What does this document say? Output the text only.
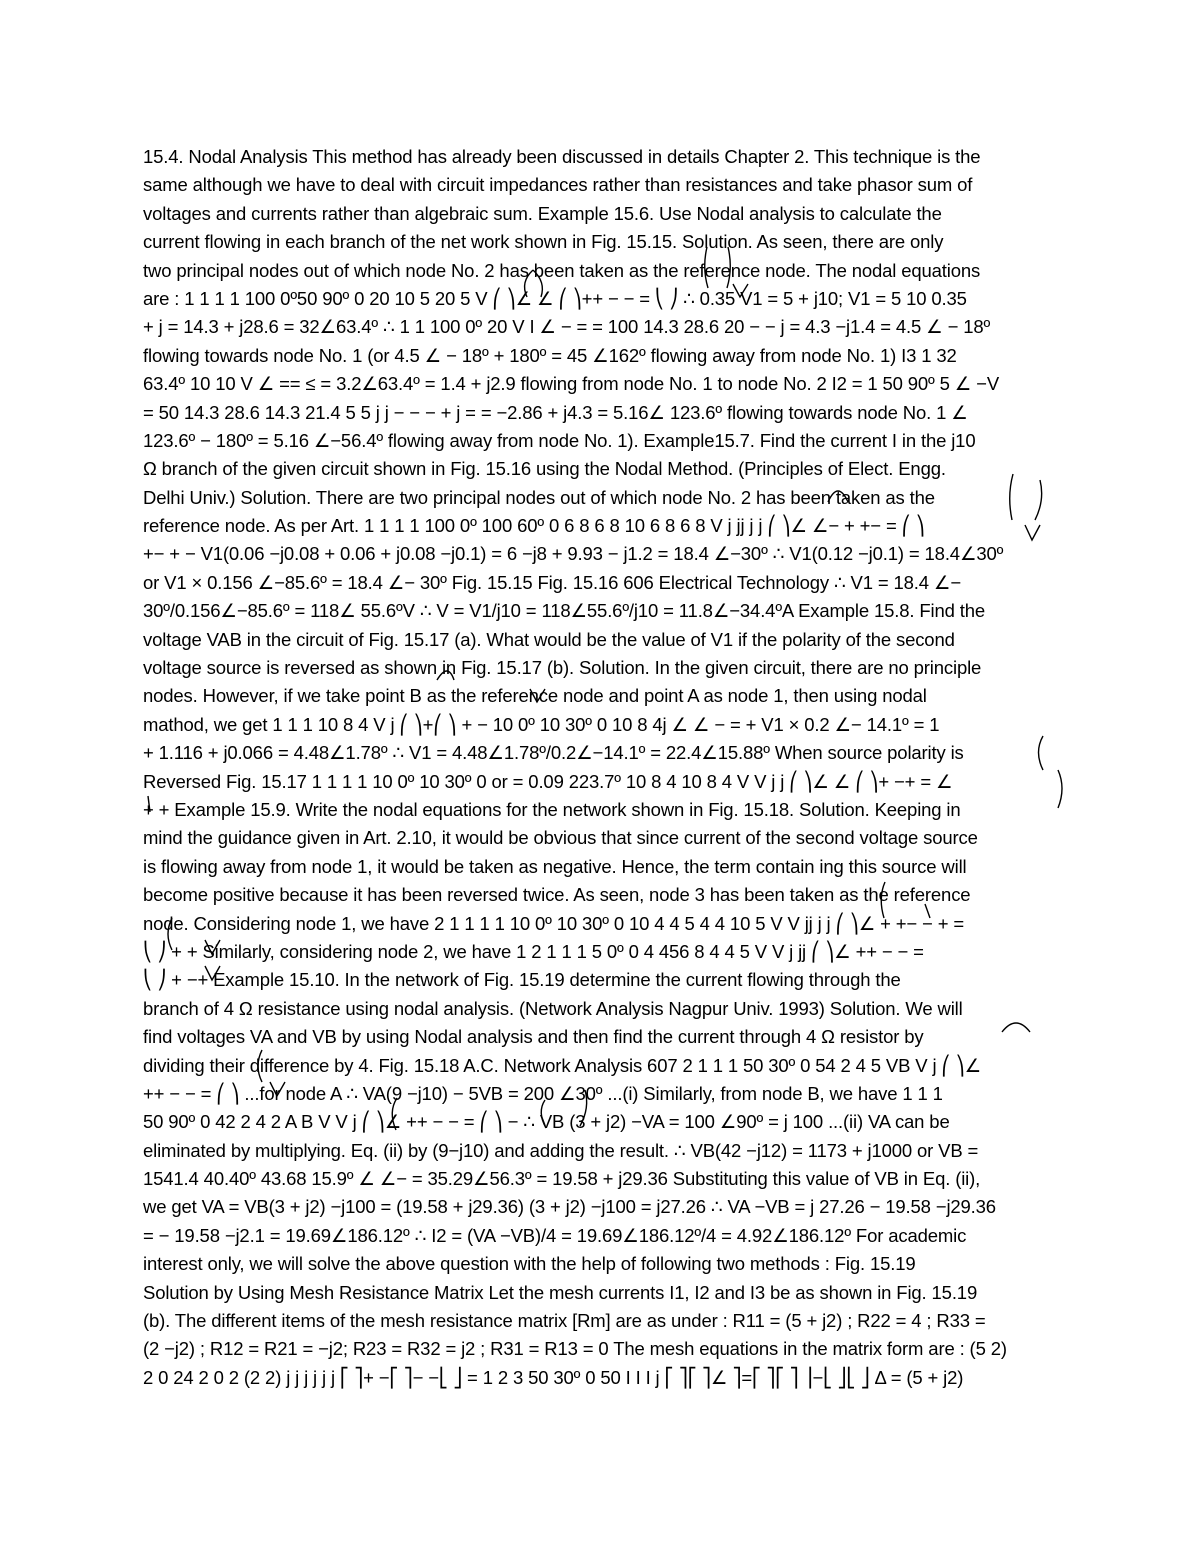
15.4. Nodal Analysis This method has already been discussed in details Chapter 2. This technique is the
same although we have to deal with circuit impedances rather than resistances and take phasor sum of
voltages and currents rather than algebraic sum. Example 15.6. Use Nodal analysis to calculate the
current flowing in each branch of the net work shown in Fig. 15.15. Solution. As seen, there are only
two principal nodes out of which node No. 2 has been taken as the reference node. The nodal equations
are : 1 1 1 1 100 0º50 90º 0 20 10 5 20 5 V ⎛ ⎞∠ ∠ ⎛ ⎞++ − − = ⎝ ⎠ ∴ 0.35 V1 = 5 + j10; V1 = 5 10 0.35
+ j = 14.3 + j28.6 = 32∠63.4º ∴ 1 1 100 0º 20 V I ∠ − = = 100 14.3 28.6 20 − − j = 4.3 −j1.4 = 4.5 ∠ − 18º
flowing towards node No. 1 (or 4.5 ∠ − 18º + 180º = 45 ∠162º flowing away from node No. 1) I3 1 32
63.4º 10 10 V ∠ == ≤ = 3.2∠63.4º = 1.4 + j2.9 flowing from node No. 1 to node No. 2 I2 = 1 50 90º 5 ∠ −V
= 50 14.3 28.6 14.3 21.4 5 5 j j − − − + j = = −2.86 + j4.3 = 5.16∠ 123.6º flowing towards node No. 1 ∠
123.6º − 180º = 5.16 ∠−56.4º flowing away from node No. 1). Example15.7. Find the current I in the j10
Ω branch of the given circuit shown in Fig. 15.16 using the Nodal Method. (Principles of Elect. Engg.
Delhi Univ.) Solution. There are two principal nodes out of which node No. 2 has been taken as the
reference node. As per Art. 1 1 1 1 100 0º 100 60º 0 6 8 6 8 10 6 8 6 8 V j jj j j ⎛ ⎞∠ ∠− + +− = ⎛ ⎞
+− + − V1(0.06 −j0.08 + 0.06 + j0.08 −j0.1) = 6 −j8 + 9.93 − j1.2 = 18.4 ∠−30º ∴ V1(0.12 −j0.1) = 18.4∠30º
or V1 × 0.156 ∠−85.6º = 18.4 ∠− 30º Fig. 15.15 Fig. 15.16 606 Electrical Technology ∴ V1 = 18.4 ∠−
30º/0.156∠−85.6º = 118∠ 55.6ºV ∴ V = V1/j10 = 118∠55.6º/j10 = 11.8∠−34.4ºA Example 15.8. Find the
voltage VAB in the circuit of Fig. 15.17 (a). What would be the value of V1 if the polarity of the second
voltage source is reversed as shown in Fig. 15.17 (b). Solution. In the given circuit, there are no principle
nodes. However, if we take point B as the reference node and point A as node 1, then using nodal
mathod, we get 1 1 1 10 8 4 V j ⎛ ⎞+⎛ ⎞ + − 10 0º 10 30º 0 10 8 4j ∠ ∠ − = + V1 × 0.2 ∠− 14.1º = 1
+ 1.116 + j0.066 = 4.48∠1.78º ∴ V1 = 4.48∠1.78º/0.2∠−14.1º = 22.4∠15.88º When source polarity is
Reversed Fig. 15.17 1 1 1 1 10 0º 10 30º 0 or = 0.09 223.7º 10 8 4 10 8 4 V V j j ⎛ ⎞∠ ∠ ⎛ ⎞+ −+ = ∠
+ + Example 15.9. Write the nodal equations for the network shown in Fig. 15.18. Solution. Keeping in
mind the guidance given in Art. 2.10, it would be obvious that since current of the second voltage source
is flowing away from node 1, it would be taken as negative. Hence, the term contain ing this source will
become positive because it has been reversed twice. As seen, node 3 has been taken as the reference
node. Considering node 1, we have 2 1 1 1 1 10 0º 10 30º 0 10 4 4 5 4 4 10 5 V V jj j j ⎛ ⎞∠ + +− − + =
⎝ ⎠ + + Similarly, considering node 2, we have 1 2 1 1 1 5 0º 0 4 456 8 4 4 5 V V j jj ⎛ ⎞∠ ++ − − =
⎝ ⎠ + −+ Example 15.10. In the network of Fig. 15.19 determine the current flowing through the
branch of 4 Ω resistance using nodal analysis. (Network Analysis Nagpur Univ. 1993) Solution. We will
find voltages VA and VB by using Nodal analysis and then find the current through 4 Ω resistor by
dividing their difference by 4. Fig. 15.18 A.C. Network Analysis 607 2 1 1 1 50 30º 0 54 2 4 5 VB V j ⎛ ⎞∠
++ − − = ⎛ ⎞ ...for node A ∴ VA(9 −j10) − 5VB = 200 ∠30º ...(i) Similarly, from node B, we have 1 1 1
50 90º 0 42 2 4 2 A B V V j ⎛ ⎞∠ ++ − − = ⎛ ⎞ − ∴ VB (3 + j2) −VA = 100 ∠90º = j 100 ...(ii) VA can be
eliminated by multiplying. Eq. (ii) by (9−j10) and adding the result. ∴ VB(42 −j12) = 1173 + j1000 or VB =
1541.4 40.40º 43.68 15.9º ∠ ∠− = 35.29∠56.3º = 19.58 + j29.36 Substituting this value of VB in Eq. (ii),
we get VA = VB(3 + j2) −j100 = (19.58 + j29.36) (3 + j2) −j100 = j27.26 ∴ VA −VB = j 27.26 − 19.58 −j29.36
= − 19.58 −j2.1 = 19.69∠186.12º ∴ I2 = (VA −VB)/4 = 19.69∠186.12º/4 = 4.92∠186.12º For academic
interest only, we will solve the above question with the help of following two methods : Fig. 15.19
Solution by Using Mesh Resistance Matrix Let the mesh currents I1, I2 and I3 be as shown in Fig. 15.19
(b). The different items of the mesh resistance matrix [Rm] are as under : R11 = (5 + j2) ; R22 = 4 ; R33 =
(2 −j2) ; R12 = R21 = −j2; R23 = R32 = j2 ; R31 = R13 = 0 The mesh equations in the matrix form are : (5 2)
2 0 24 2 0 2 (2 2) j j j j j j ⎡ ⎤+ −⎡ ⎤− −⎣ ⎦ = 1 2 3 50 30º 0 50 I I I j ⎡ ⎤⎡ ⎤∠ ⎤=⎡ ⎤⎡ ⎤ ⎥−⎣ ⎦⎣ ⎦ Δ = (5 + j2)
